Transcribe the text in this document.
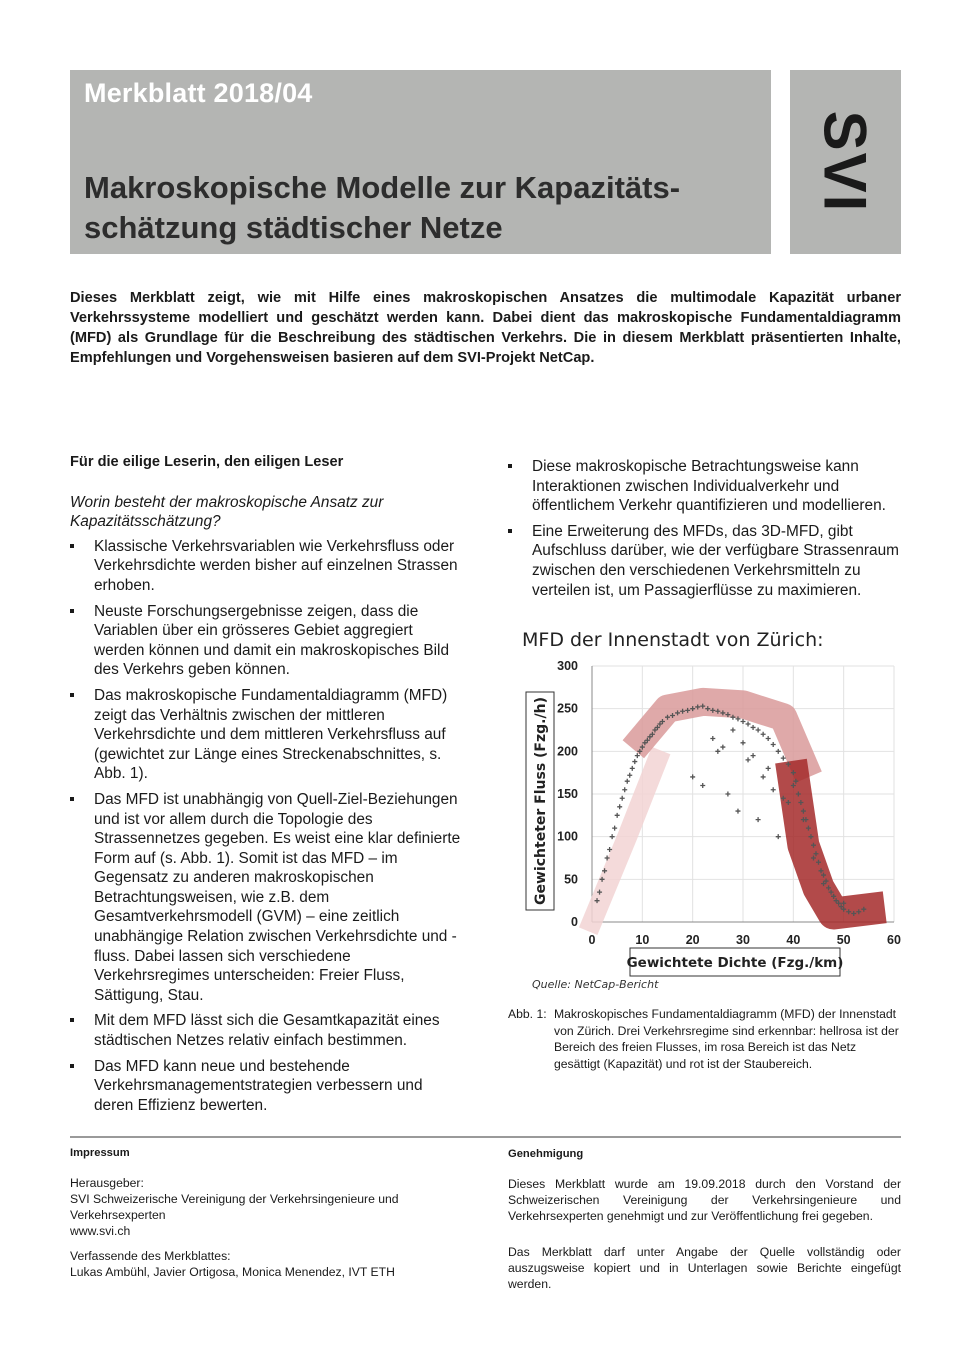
Merkblatt 2018/04
Makroskopische Modelle zur Kapazitäts-schätzung städtischer Netze
SVI
Dieses Merkblatt zeigt, wie mit Hilfe eines makroskopischen Ansatzes die multimodale Kapazität urbaner Verkehrssysteme modelliert und geschätzt werden kann. Dabei dient das makroskopische Fundamentaldiagramm (MFD) als Grundlage für die Beschreibung des städtischen Verkehrs. Die in diesem Merkblatt präsentierten Inhalte, Empfehlungen und Vorgehensweisen basieren auf dem SVI-Projekt NetCap.
Für die eilige Leserin, den eiligen Leser
Worin besteht der makroskopische Ansatz zur Kapazitätsschätzung?
Klassische Verkehrsvariablen wie Verkehrsfluss oder Verkehrsdichte werden bisher auf einzelnen Strassen erhoben.
Neuste Forschungsergebnisse zeigen, dass die Variablen über ein grösseres Gebiet aggregiert werden können und damit ein makroskopisches Bild des Verkehrs geben können.
Das makroskopische Fundamentaldiagramm (MFD) zeigt das Verhältnis zwischen der mittleren Verkehrsdichte und dem mittleren Verkehrsfluss auf (gewichtet zur Länge eines Streckenabschnittes, s. Abb. 1).
Das MFD ist unabhängig von Quell-Ziel-Beziehungen und ist vor allem durch die Topologie des Strassennetzes gegeben. Es weist eine klar definierte Form auf (s. Abb. 1). Somit ist das MFD – im Gegensatz zu anderen makroskopischen Betrachtungsweisen, wie z.B. dem Gesamtverkehrsmodell (GVM) – eine zeitlich unabhängige Relation zwischen Verkehrsdichte und -fluss. Dabei lassen sich verschiedene Verkehrsregimes unterscheiden: Freier Fluss, Sättigung, Stau.
Mit dem MFD lässt sich die Gesamtkapazität eines städtischen Netzes relativ einfach bestimmen.
Das MFD kann neue und bestehende Verkehrsmanagementstrategien verbessern und deren Effizienz bewerten.
Diese makroskopische Betrachtungsweise kann Interaktionen zwischen Individualverkehr und öffentlichem Verkehr quantifizieren und modellieren.
Eine Erweiterung des MFDs, das 3D-MFD, gibt Aufschluss darüber, wie der verfügbare Strassenraum zwischen den verschiedenen Verkehrsmitteln zu verteilen ist, um Passagierflüsse zu maximieren.
MFD der Innenstadt von Zürich:
0
50
100
150
200
250
300
0	10	20	30	40	50	60
Gewichteter Fluss (Fzg./h)
Gewichtete Dichte (Fzg./km)
Quelle: NetCap-Bericht
Abb. 1: Makroskopisches Fundamentaldiagramm (MFD) der Innenstadt von Zürich. Drei Verkehrsregime sind erkennbar: hellrosa ist der Bereich des freien Flusses, im rosa Bereich ist das Netz gesättigt (Kapazität) und rot ist der Staubereich.
Impressum

Herausgeber:
SVI Schweizerische Vereinigung der Verkehrsingenieure und Verkehrsexperten
www.svi.ch

Verfassende des Merkblattes:
Lukas Ambühl, Javier Ortigosa, Monica Menendez, IVT ETH

Genehmigung

Dieses Merkblatt wurde am 19.09.2018 durch den Vorstand der Schweizerischen Vereinigung der Verkehrsingenieure und Verkehrsexperten genehmigt und zur Veröffentlichung frei gegeben.

Das Merkblatt darf unter Angabe der Quelle vollständig oder auszugsweise kopiert und in Unterlagen sowie Berichte eingefügt werden.
